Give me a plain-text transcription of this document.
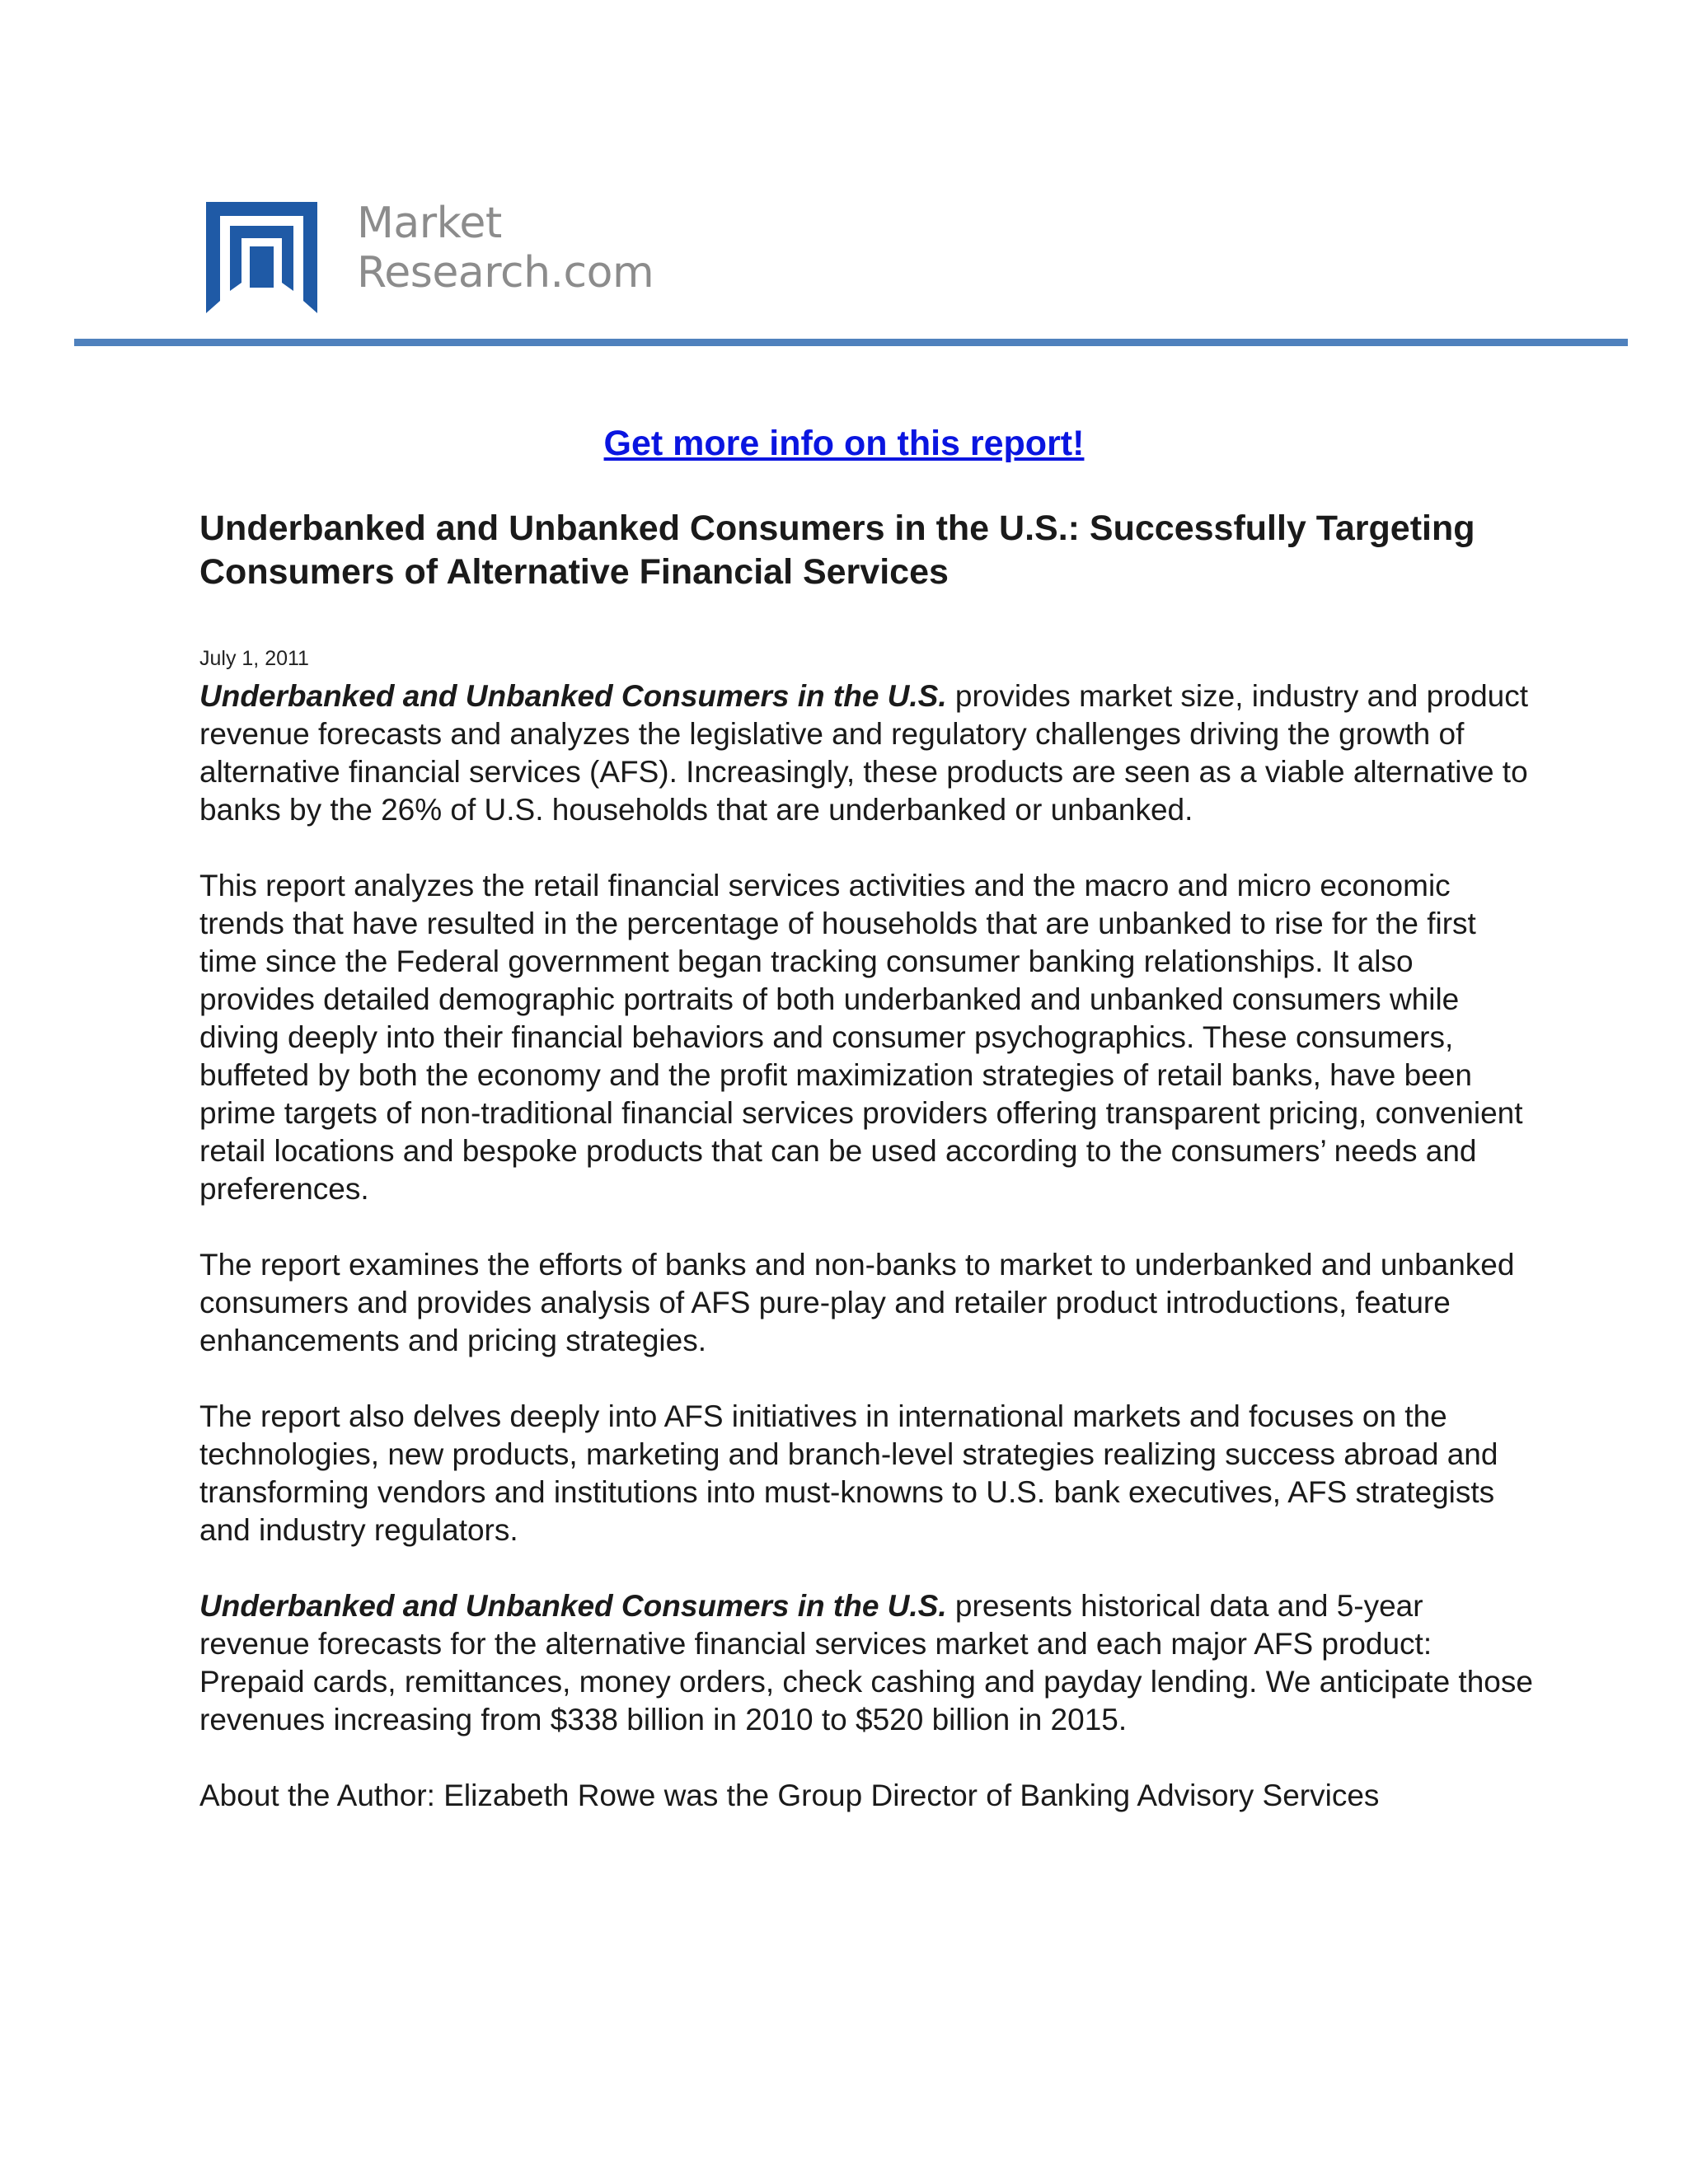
Market
Research.com
Get more info on this report!
Underbanked and Unbanked Consumers in the U.S.: Successfully Targeting Consumers of Alternative Financial Services
July 1, 2011

Underbanked and Unbanked Consumers in the U.S. provides market size, industry and product revenue forecasts and analyzes the legislative and regulatory challenges driving the growth of alternative financial services (AFS). Increasingly, these products are seen as a viable alternative to banks by the 26% of U.S. households that are underbanked or unbanked.

This report analyzes the retail financial services activities and the macro and micro economic trends that have resulted in the percentage of households that are unbanked to rise for the first time since the Federal government began tracking consumer banking relationships. It also provides detailed demographic portraits of both underbanked and unbanked consumers while diving deeply into their financial behaviors and consumer psychographics. These consumers, buffeted by both the economy and the profit maximization strategies of retail banks, have been prime targets of non-traditional financial services providers offering transparent pricing, convenient retail locations and bespoke products that can be used according to the consumers’ needs and preferences.

The report examines the efforts of banks and non-banks to market to underbanked and unbanked consumers and provides analysis of AFS pure-play and retailer product introductions, feature enhancements and pricing strategies.

The report also delves deeply into AFS initiatives in international markets and focuses on the technologies, new products, marketing and branch-level strategies realizing success abroad and transforming vendors and institutions into must-knowns to U.S. bank executives, AFS strategists and industry regulators.

Underbanked and Unbanked Consumers in the U.S. presents historical data and 5-year revenue forecasts for the alternative financial services market and each major AFS product: Prepaid cards, remittances, money orders, check cashing and payday lending. We anticipate those revenues increasing from $338 billion in 2010 to $520 billion in 2015.

About the Author: Elizabeth Rowe was the Group Director of Banking Advisory Services
